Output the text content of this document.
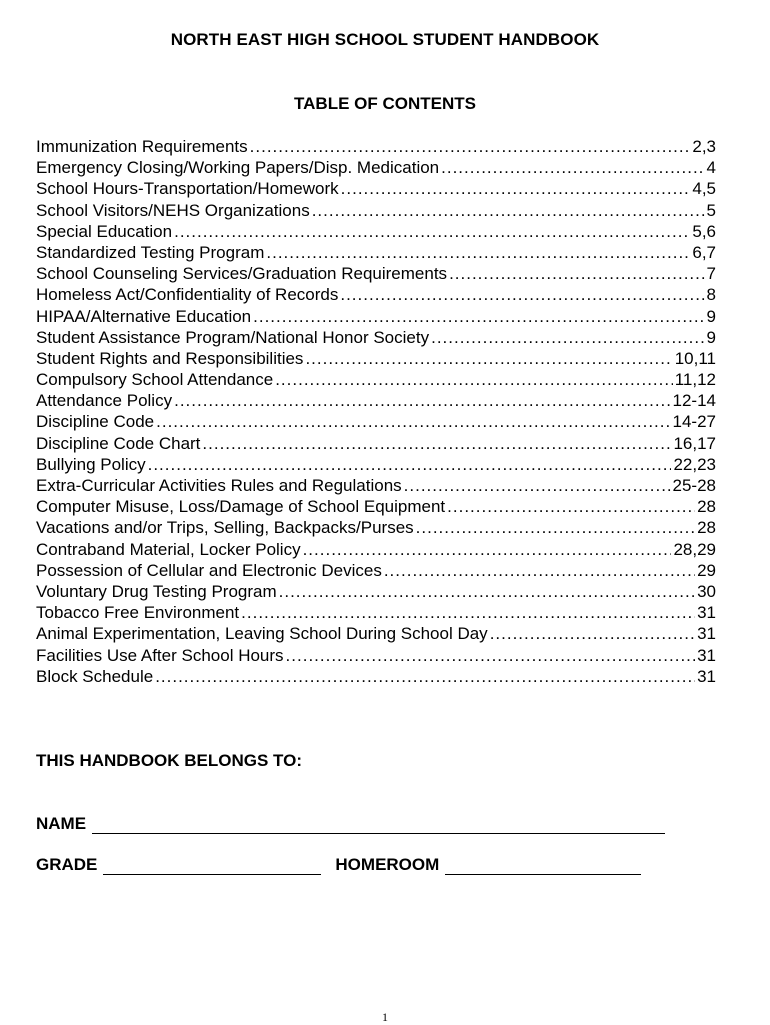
NORTH EAST HIGH SCHOOL STUDENT HANDBOOK
TABLE OF CONTENTS
Immunization Requirements .....	2,3
Emergency Closing/Working Papers/Disp. Medication .....	4
School Hours-Transportation/Homework .....	4,5
School Visitors/NEHS Organizations .....	5
Special Education .....	5,6
Standardized Testing Program .....	6,7
School Counseling Services/Graduation Requirements .....	7
Homeless Act/Confidentiality of Records .....	8
HIPAA/Alternative Education .....	9
Student Assistance Program/National Honor Society .....	9
Student Rights and Responsibilities .....	10,11
Compulsory School Attendance .....	11,12
Attendance Policy .....	12-14
Discipline Code .....	14-27
Discipline Code Chart .....	16,17
Bullying Policy .....	22,23
Extra-Curricular Activities Rules and Regulations .....	25-28
Computer Misuse, Loss/Damage of School Equipment .....	28
Vacations and/or Trips, Selling, Backpacks/Purses .....	28
Contraband Material, Locker Policy .....	28,29
Possession of Cellular and Electronic Devices .....	29
Voluntary Drug Testing Program .....	30
Tobacco Free Environment .....	31
Animal Experimentation, Leaving School During School Day .....	31
Facilities Use After School Hours .....	31
Block Schedule .....	31
THIS HANDBOOK BELONGS TO:
NAME
GRADE	HOMEROOM
1
